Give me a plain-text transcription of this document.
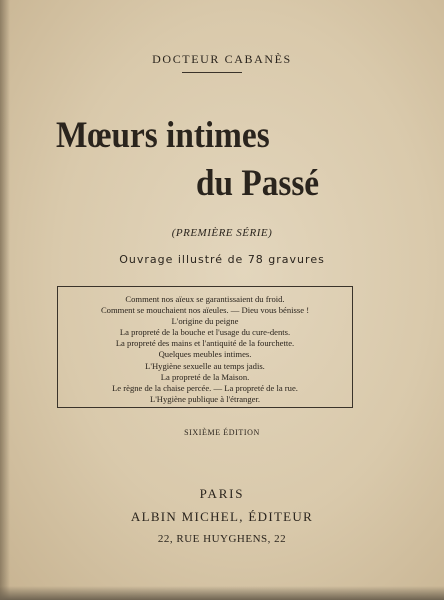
DOCTEUR CABANÈS
Mœurs intimes
du Passé
(PREMIÈRE SÉRIE)
Ouvrage illustré de 78 gravures
Comment nos aïeux se garantissaient du froid.
Comment se mouchaient nos aïeules. — Dieu vous bénisse !
L'origine du peigne
La propreté de la bouche et l'usage du cure-dents.
La propreté des mains et l'antiquité de la fourchette.
Quelques meubles intimes.
L'Hygiène sexuelle au temps jadis.
La propreté de la Maison.
Le règne de la chaise percée. — La propreté de la rue.
L'Hygiène publique à l'étranger.
SIXIÈME ÉDITION
PARIS
ALBIN MICHEL, ÉDITEUR
22, RUE HUYGHENS, 22
